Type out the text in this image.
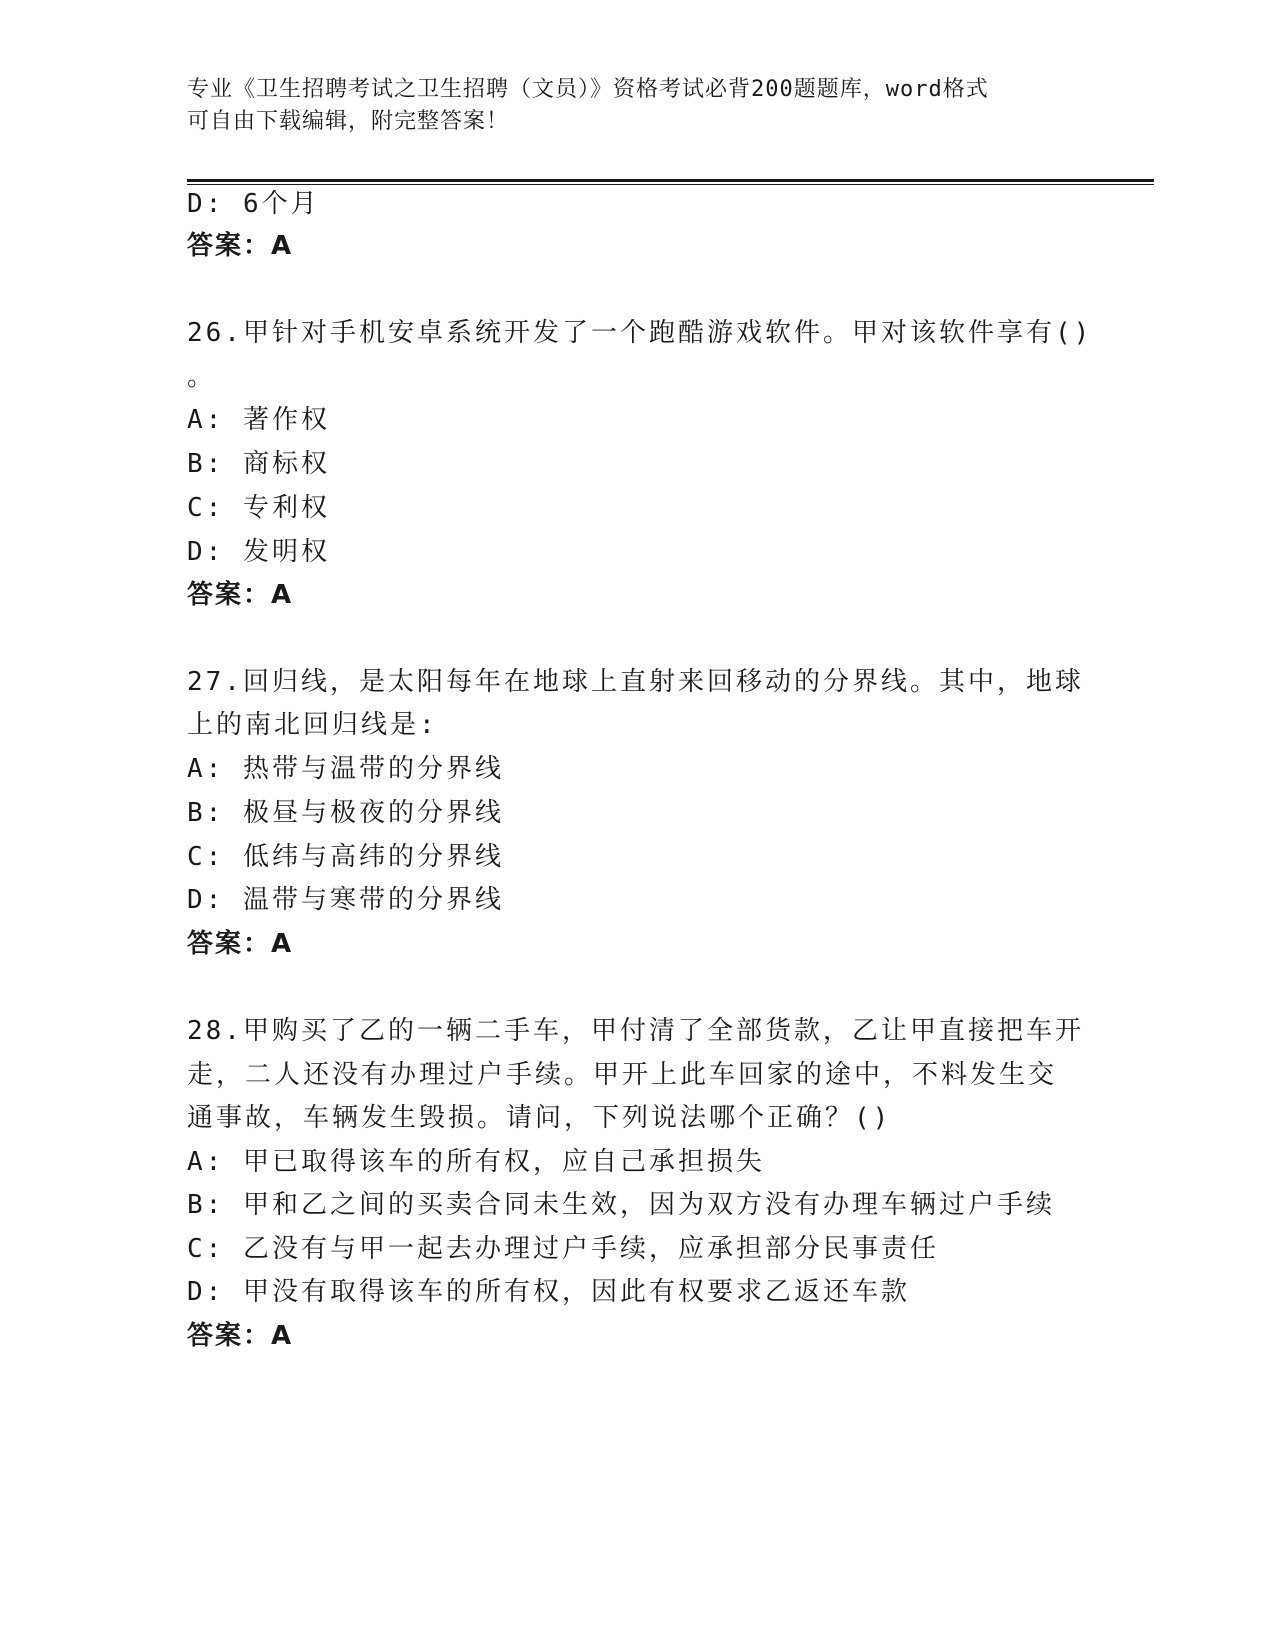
专业《卫生招聘考试之卫生招聘（文员）》资格考试必背200题题库，word格式
可自由下载编辑，附完整答案！
D: 6个月
答案：A
26.甲针对手机安卓系统开发了一个跑酷游戏软件。甲对该软件享有()
。
A: 著作权
B: 商标权
C: 专利权
D: 发明权
答案：A
27.回归线，是太阳每年在地球上直射来回移动的分界线。其中，地球
上的南北回归线是:
A: 热带与温带的分界线
B: 极昼与极夜的分界线
C: 低纬与高纬的分界线
D: 温带与寒带的分界线
答案：A
28.甲购买了乙的一辆二手车，甲付清了全部货款，乙让甲直接把车开
走，二人还没有办理过户手续。甲开上此车回家的途中，不料发生交
通事故，车辆发生毁损。请问，下列说法哪个正确？()
A: 甲已取得该车的所有权，应自己承担损失
B: 甲和乙之间的买卖合同未生效，因为双方没有办理车辆过户手续
C: 乙没有与甲一起去办理过户手续，应承担部分民事责任
D: 甲没有取得该车的所有权，因此有权要求乙返还车款
答案：A
